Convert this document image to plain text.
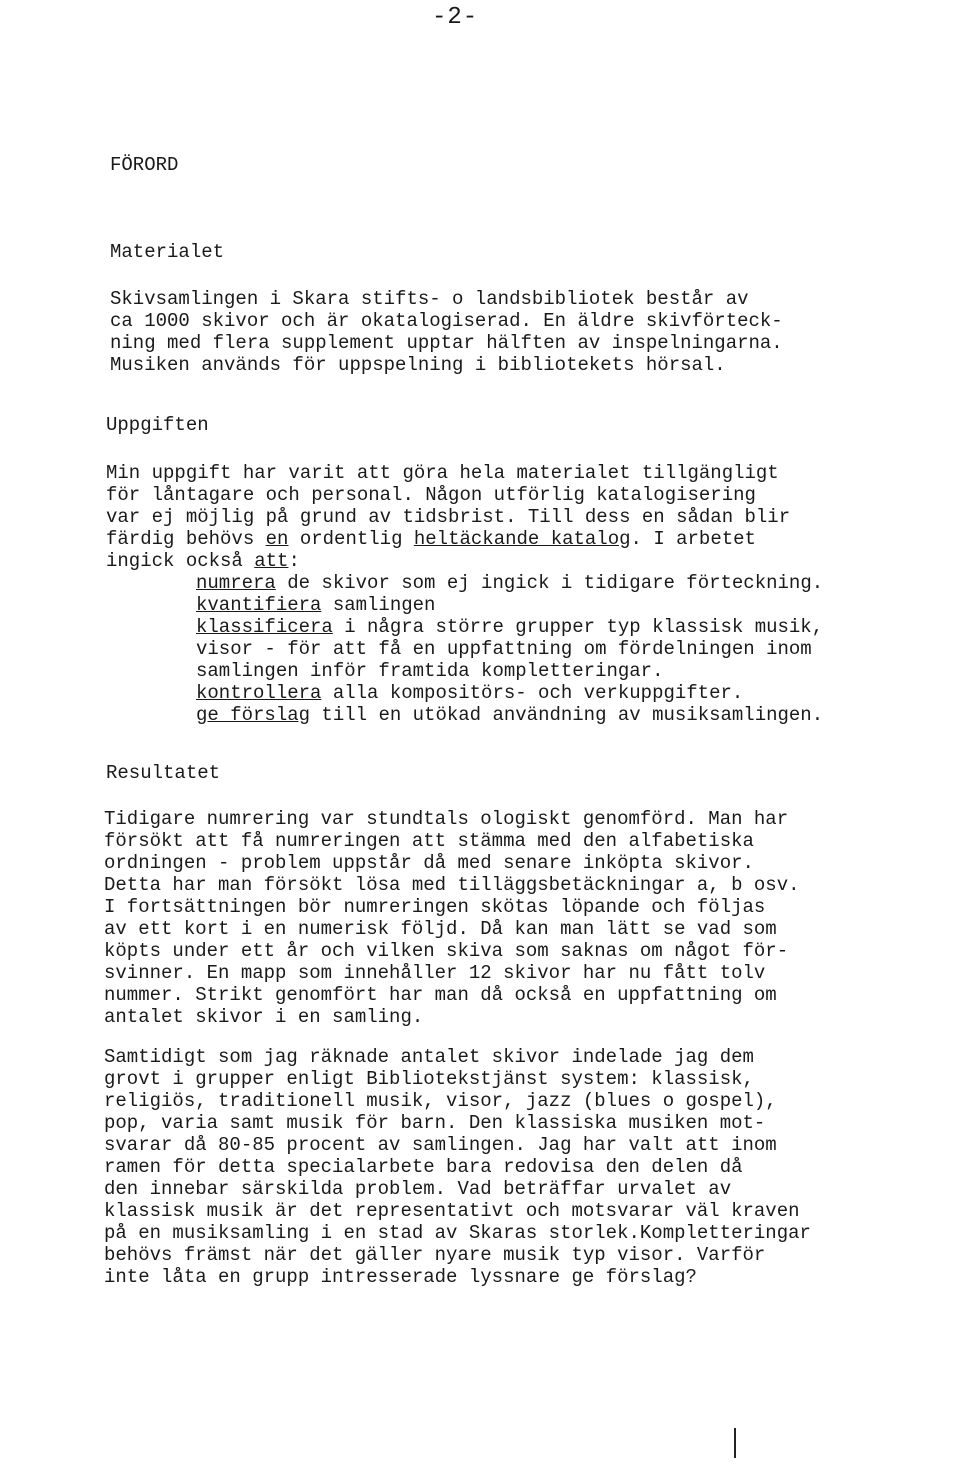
-2-
FÖRORD
Materialet
Skivsamlingen i Skara stifts- o landsbibliotek består av
ca 1000 skivor och är okatalogiserad. En äldre skivförteck-
ning med flera supplement upptar hälften av inspelningarna.
Musiken används för uppspelning i bibliotekets hörsal.
Uppgiften
Min uppgift har varit att göra hela materialet tillgängligt
för låntagare och personal. Någon utförlig katalogisering
var ej möjlig på grund av tidsbrist. Till dess en sådan blir
färdig behövs en ordentlig heltäckande katalog. I arbetet
ingick också att:
numrera de skivor som ej ingick i tidigare förteckning.
kvantifiera samlingen
klassificera i några större grupper typ klassisk musik,
visor - för att få en uppfattning om fördelningen inom
samlingen inför framtida kompletteringar.
kontrollera alla kompositörs- och verkuppgifter.
ge förslag till en utökad användning av musiksamlingen.
Resultatet
Tidigare numrering var stundtals ologiskt genomförd. Man har
försökt att få numreringen att stämma med den alfabetiska
ordningen - problem uppstår då med senare inköpta skivor.
Detta har man försökt lösa med tilläggsbetäckningar a, b osv.
I fortsättningen bör numreringen skötas löpande och följas
av ett kort i en numerisk följd. Då kan man lätt se vad som
köpts under ett år och vilken skiva som saknas om något för-
svinner. En mapp som innehåller 12 skivor har nu fått tolv
nummer. Strikt genomfört har man då också en uppfattning om
antalet skivor i en samling.
Samtidigt som jag räknade antalet skivor indelade jag dem
grovt i grupper enligt Bibliotekstjänst system: klassisk,
religiös, traditionell musik, visor, jazz (blues o gospel),
pop, varia samt musik för barn. Den klassiska musiken mot-
svarar då 80-85 procent av samlingen. Jag har valt att inom
ramen för detta specialarbete bara redovisa den delen då
den innebar särskilda problem. Vad beträffar urvalet av
klassisk musik är det representativt och motsvarar väl kraven
på en musiksamling i en stad av Skaras storlek.Kompletteringar
behövs främst när det gäller nyare musik typ visor. Varför
inte låta en grupp intresserade lyssnare ge förslag?
